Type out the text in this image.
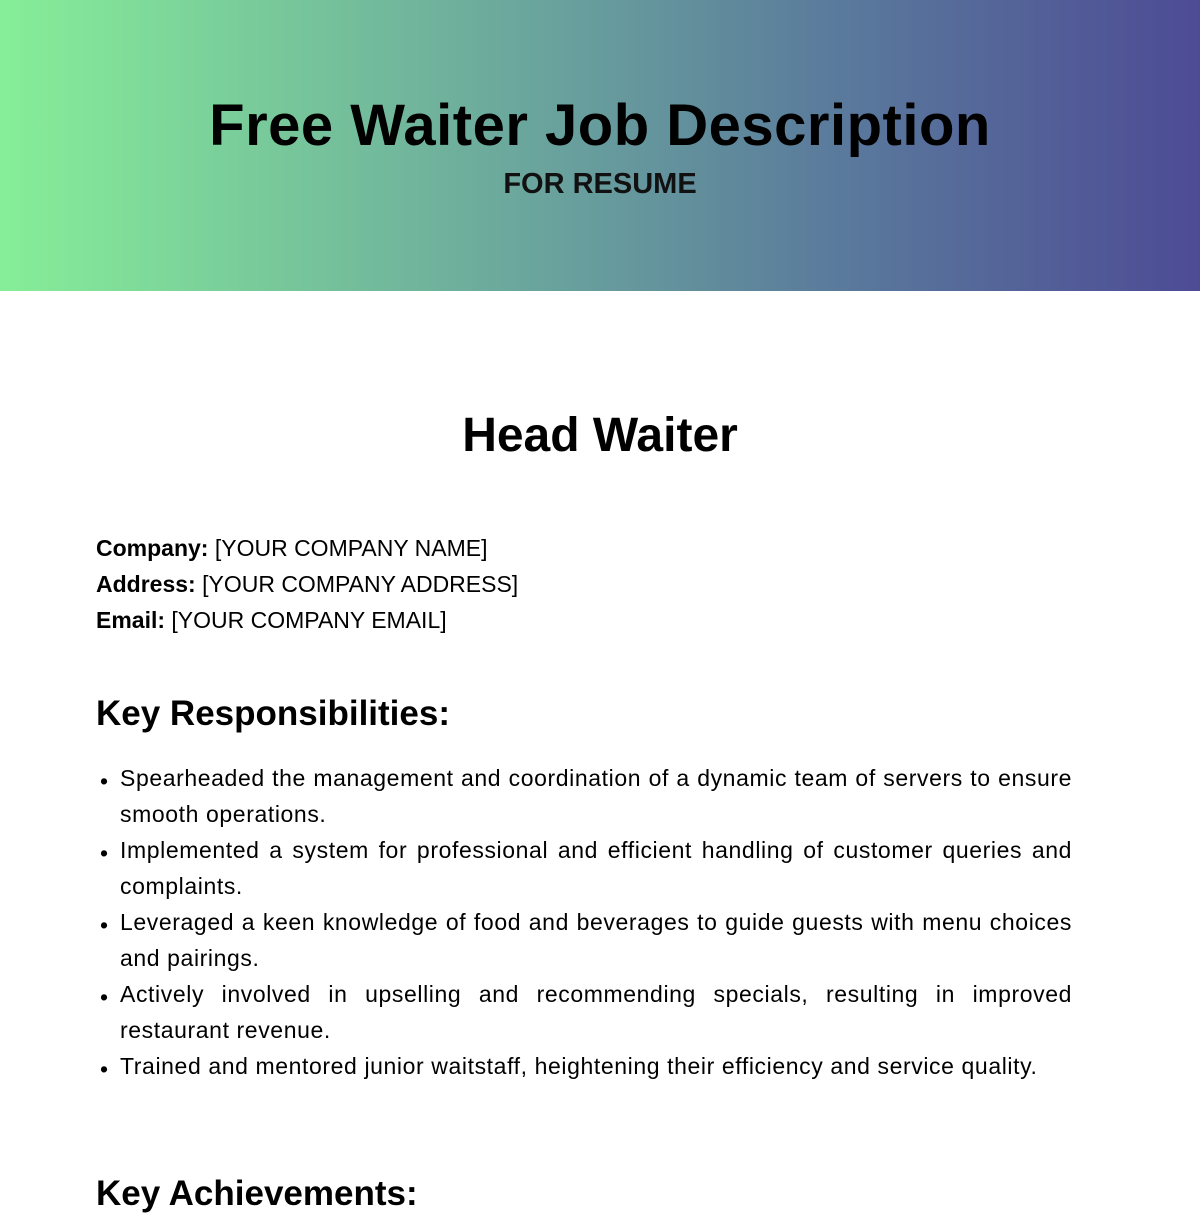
Free Waiter Job Description
FOR RESUME
Head Waiter
Company: [YOUR COMPANY NAME]
Address: [YOUR COMPANY ADDRESS]
Email: [YOUR COMPANY EMAIL]
Key Responsibilities:
• Spearheaded the management and coordination of a dynamic team of servers to ensure smooth operations.
• Implemented a system for professional and efficient handling of customer queries and complaints.
• Leveraged a keen knowledge of food and beverages to guide guests with menu choices and pairings.
• Actively involved in upselling and recommending specials, resulting in improved restaurant revenue.
• Trained and mentored junior waitstaff, heightening their efficiency and service quality.
Key Achievements:
